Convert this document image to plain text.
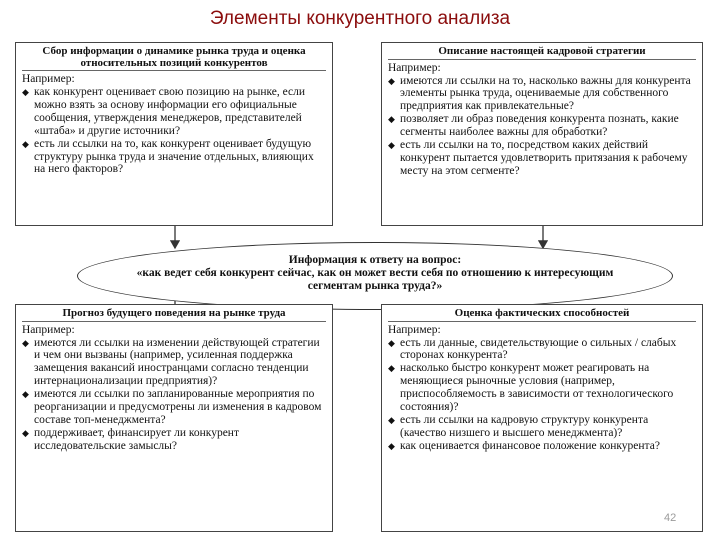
Элементы конкурентного анализа
Сбор информации о динамике рынка труда и оценка относительных позиций конкурентов
Например:
◆ как конкурент оценивает свою позицию на рынке, если можно взять за основу информации его официальные сообщения, утверждения менеджеров, представителей «штаба» и другие источники?
◆ есть ли ссылки на то, как конкурент оценивает будущую структуру рынка труда и значение отдельных, влияющих на него факторов?
Описание настоящей кадровой стратегии
Например:
◆ имеются ли ссылки на то, насколько важны для конкурента элементы рынка труда, оцениваемые для собственного предприятия как привлекательные?
◆ позволяет ли образ поведения конкурента познать, какие сегменты наиболее важны для обработки?
◆ есть ли ссылки на то, посредством каких действий конкурент пытается удовлетворить притязания к рабочему месту на этом сегменте?
Информация к ответу на вопрос:
«как ведет себя конкурент сейчас, как он может вести себя по отношению к интересующим сегментам рынка труда?»
Прогноз будущего поведения на рынке труда
Например:
◆ имеются ли ссылки на изменении действующей стратегии и чем они вызваны (например, усиленная поддержка замещения вакансий иностранцами согласно тенденции интернационализации предприятия)?
◆ имеются ли ссылки по запланированные мероприятия по реорганизации и предусмотрены ли изменения в кадровом составе топ-менеджмента?
◆ поддерживает, финансирует ли конкурент исследовательские замыслы?
Оценка фактических способностей
Например:
◆ есть ли данные, свидетельствующие о сильных / слабых сторонах конкурента?
◆ насколько быстро конкурент может реагировать на меняющиеся рыночные условия (например, приспособляемость в зависимости от технологического состояния)?
◆ есть ли ссылки на кадровую структуру конкурента (качество низшего и высшего менеджмента)?
◆ как оценивается финансовое положение конкурента?
42
